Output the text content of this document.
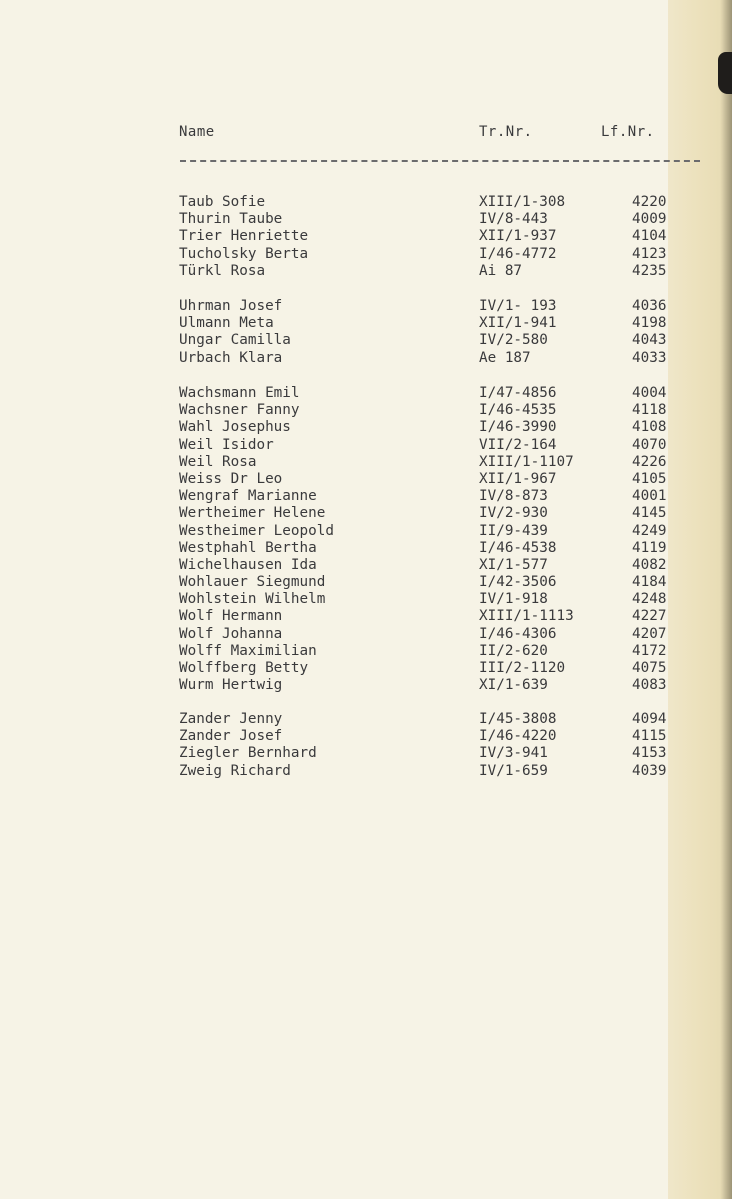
Name	Tr.Nr.	Lf.Nr.
Taub Sofie	XIII/1-308	4220
Thurin Taube	IV/8-443	4009
Trier Henriette	XII/1-937	4104
Tucholsky Berta	I/46-4772	4123
Türkl Rosa	Ai 87	4235
Uhrman Josef	IV/1- 193	4036
Ulmann Meta	XII/1-941	4198
Ungar Camilla	IV/2-580	4043
Urbach Klara	Ae 187	4033
Wachsmann Emil	I/47-4856	4004
Wachsner Fanny	I/46-4535	4118
Wahl Josephus	I/46-3990	4108
Weil Isidor	VII/2-164	4070
Weil Rosa	XIII/1-1107	4226
Weiss Dr Leo	XII/1-967	4105
Wengraf Marianne	IV/8-873	4001
Wertheimer Helene	IV/2-930	4145
Westheimer Leopold	II/9-439	4249
Westphahl Bertha	I/46-4538	4119
Wichelhausen Ida	XI/1-577	4082
Wohlauer Siegmund	I/42-3506	4184
Wohlstein Wilhelm	IV/1-918	4248
Wolf Hermann	XIII/1-1113	4227
Wolf Johanna	I/46-4306	4207
Wolff Maximilian	II/2-620	4172
Wolffberg Betty	III/2-1120	4075
Wurm Hertwig	XI/1-639	4083
Zander Jenny	I/45-3808	4094
Zander Josef	I/46-4220	4115
Ziegler Bernhard	IV/3-941	4153
Zweig Richard	IV/1-659	4039
